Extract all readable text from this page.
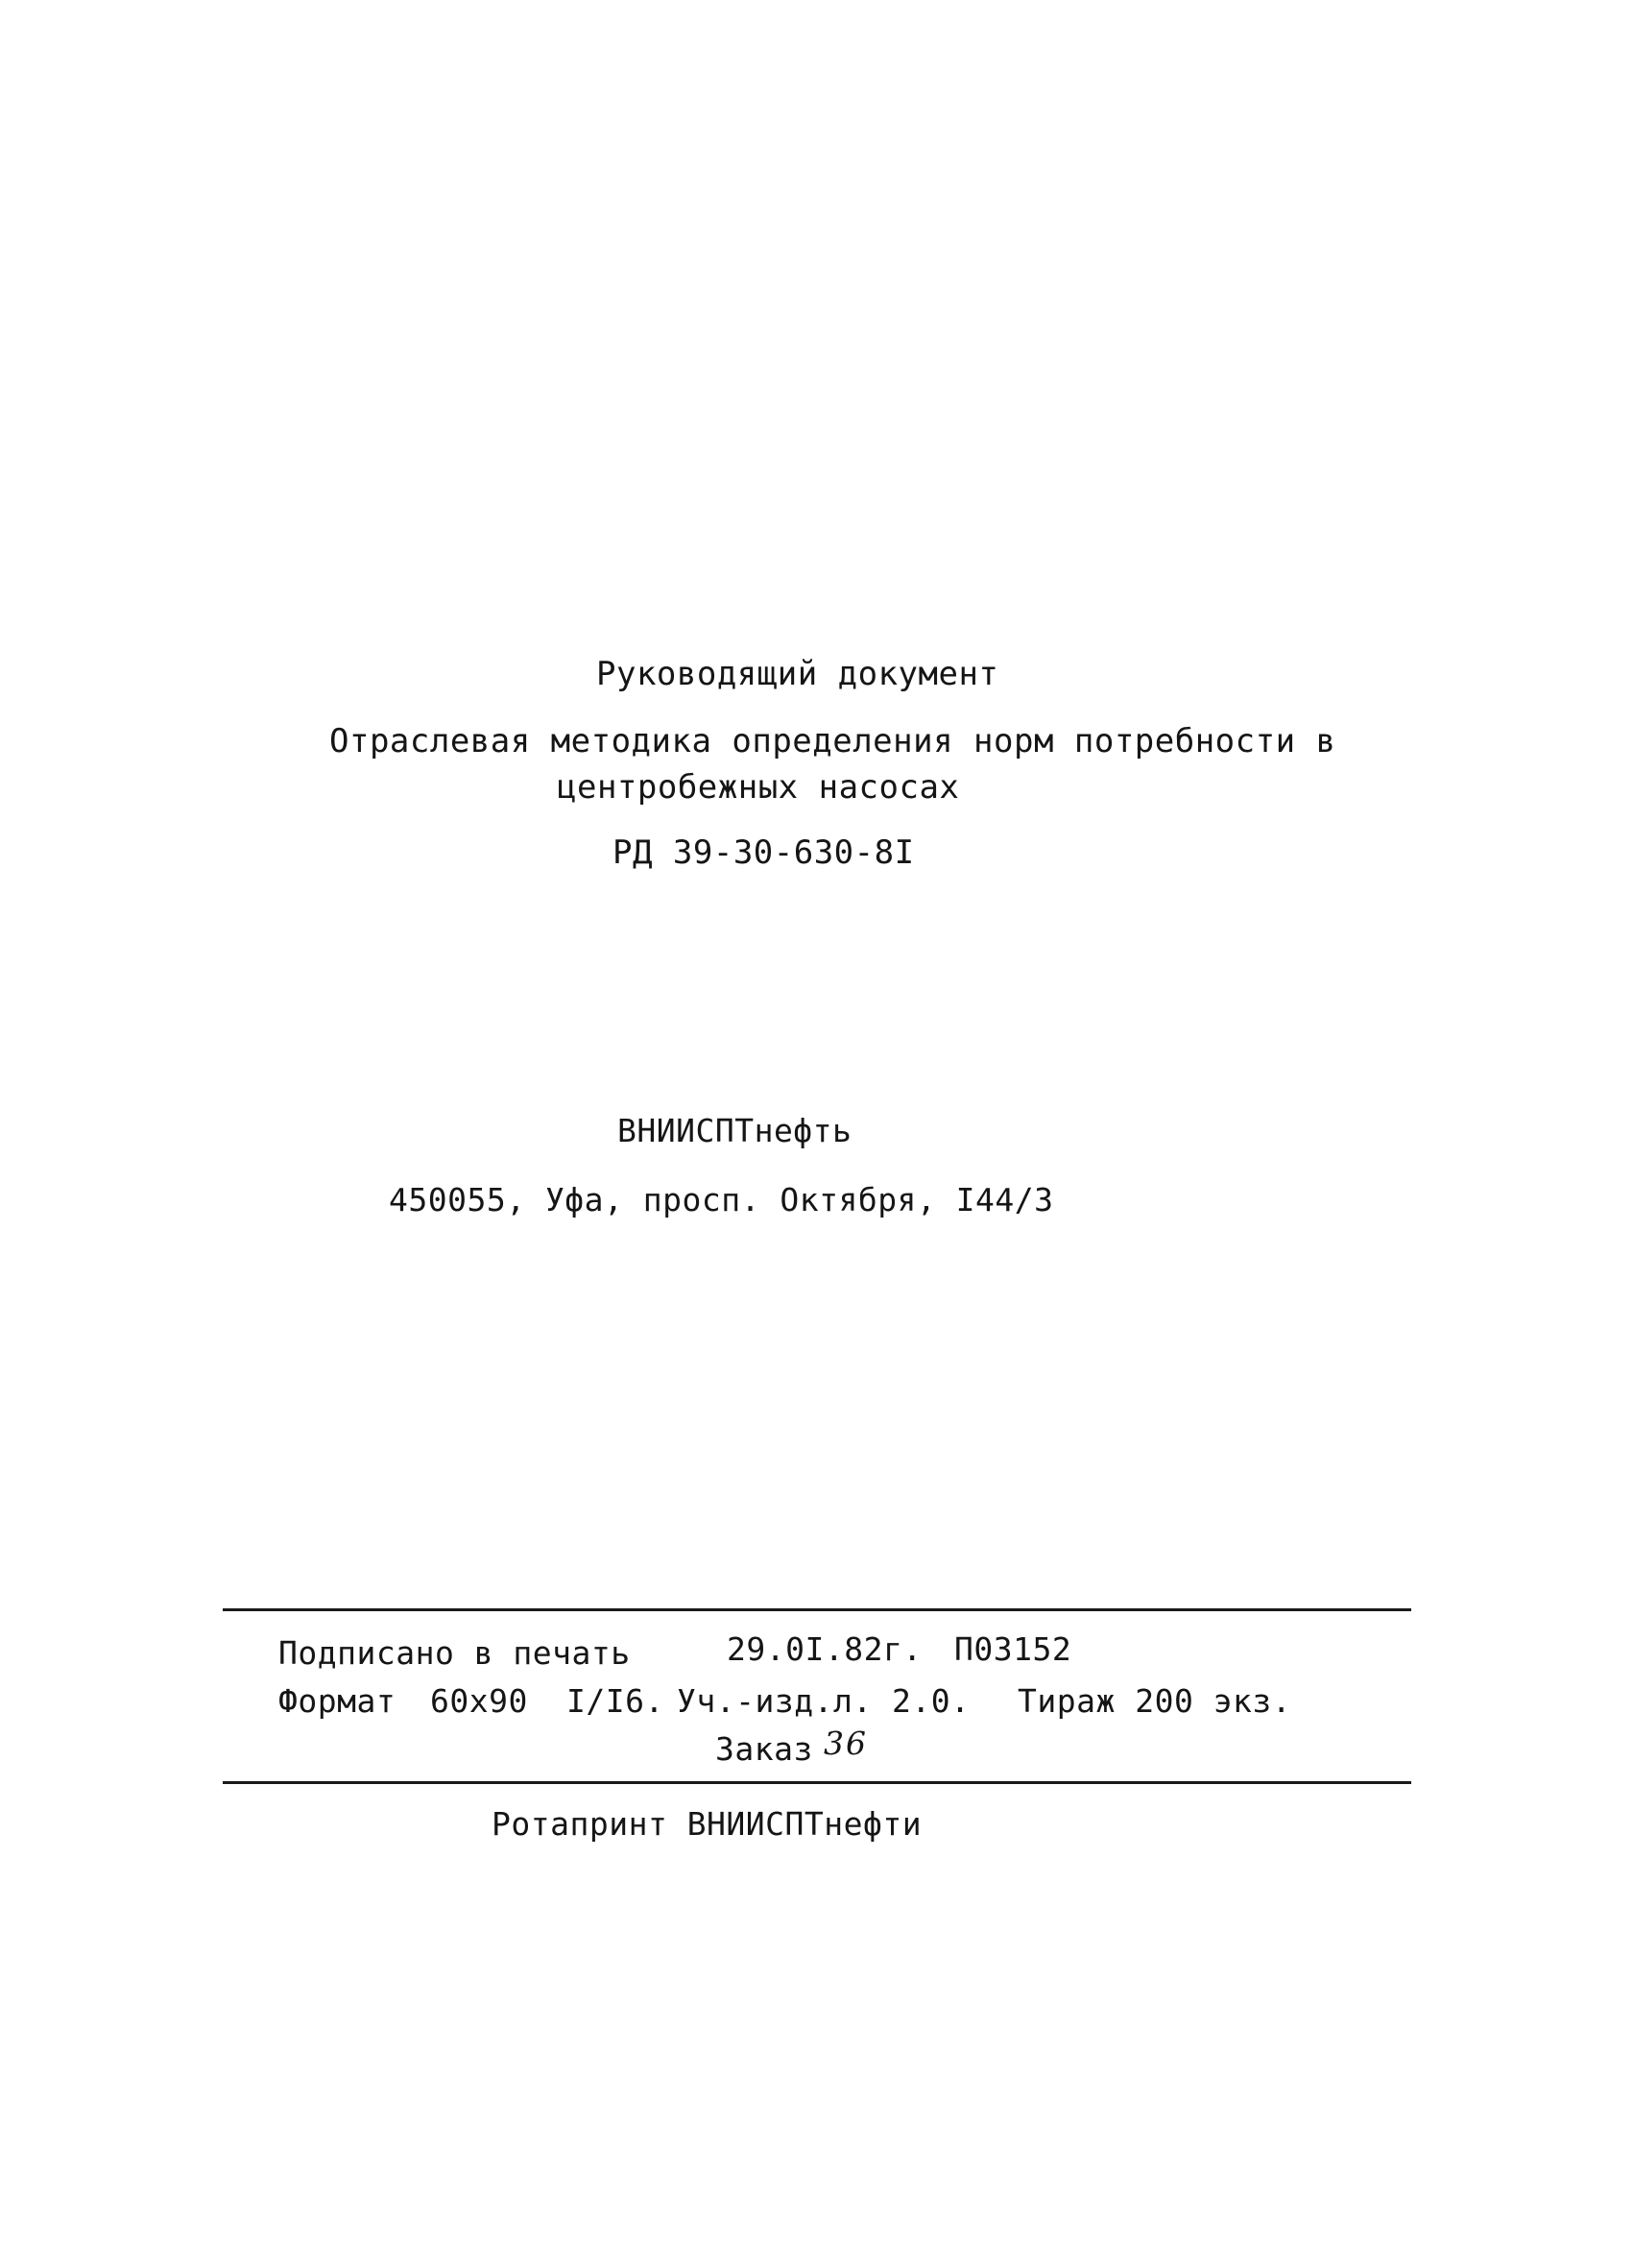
Руководящий документ
Отраслевая методика определения норм потребности в
центробежных насосах
РД 39-30-630-8I
ВНИИСПТнефть
450055, Уфа, просп. Октября, I44/3
Подписано в печать	29.0I.82г. П03152
Формат 60х90 I/I6. Уч.-изд.л. 2.0. Тираж 200 экз.
Заказ 36
Ротапринт ВНИИСПТнефти
